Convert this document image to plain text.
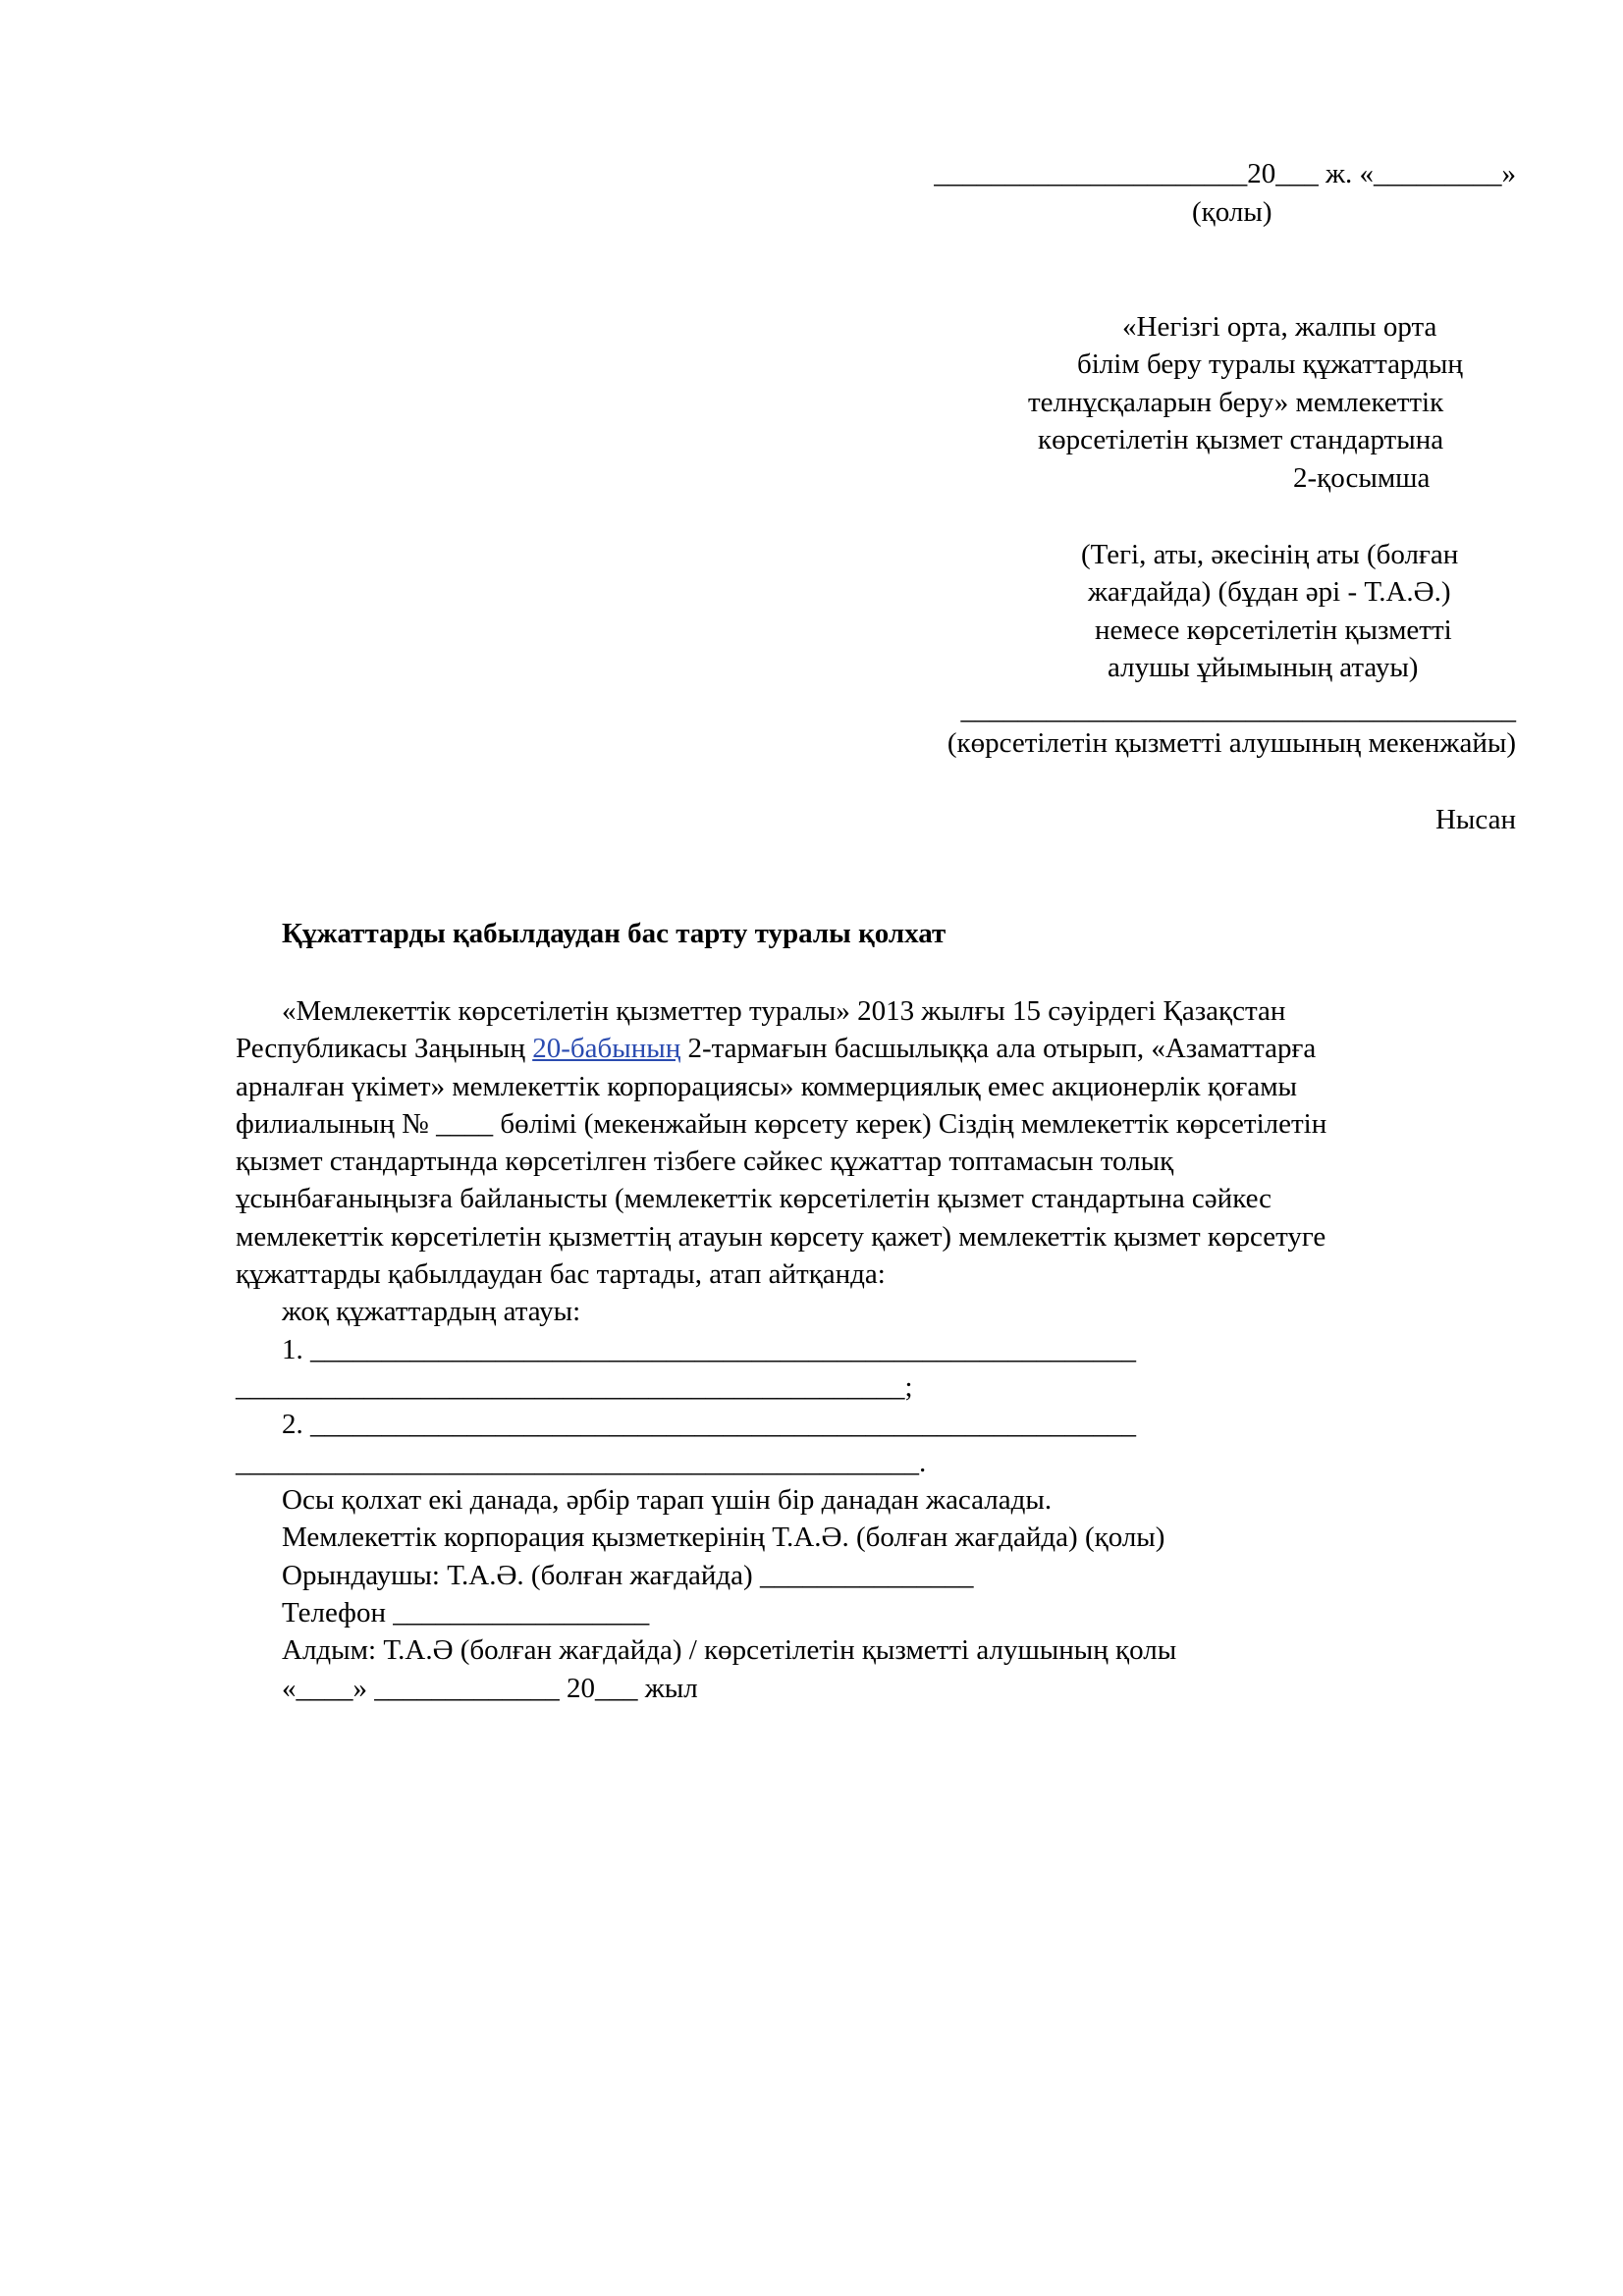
______________________20___ ж. «_________»
(қолы)
«Негізгі орта, жалпы орта
білім беру туралы құжаттардың
телнұсқаларын беру» мемлекеттік
көрсетілетін қызмет стандартына
2-қосымша
(Тегі, аты, әкесінің аты (болған
жағдайда) (бұдан әрі - Т.А.Ә.)
немесе көрсетілетін қызметті
алушы ұйымының атауы)
_______________________________________
(көрсетілетін қызметті алушының мекенжайы)
Нысан
Құжаттарды қабылдаудан бас тарту туралы қолхат
«Мемлекеттік көрсетілетін қызметтер туралы» 2013 жылғы 15 сәуірдегі Қазақстан
Республикасы Заңының 20-бабының 2-тармағын басшылыққа ала отырып, «Азаматтарға
арналған үкімет» мемлекеттік корпорациясы» коммерциялық емес акционерлік қоғамы
филиалының № ____ бөлімі (мекенжайын көрсету керек) Сіздің мемлекеттік көрсетілетін
қызмет стандартында көрсетілген тізбеге сәйкес құжаттар топтамасын толық
ұсынбағаныңызға байланысты (мемлекеттік көрсетілетін қызмет стандартына сәйкес
мемлекеттік көрсетілетін қызметтің атауын көрсету қажет) мемлекеттік қызмет көрсетуге
құжаттарды қабылдаудан бас тартады, атап айтқанда:
жоқ құжаттардың атауы:
1. __________________________________________________________
_______________________________________________;
2. __________________________________________________________
________________________________________________.
Осы қолхат екі данада, әрбір тарап үшін бір данадан жасалады.
Мемлекеттік корпорация қызметкерінің Т.А.Ә. (болған жағдайда) (қолы)
Орындаушы: Т.А.Ә. (болған жағдайда) _______________
Телефон __________________
Алдым: Т.А.Ә (болған жағдайда) / көрсетілетін қызметті алушының қолы
«____» _____________ 20___ жыл
